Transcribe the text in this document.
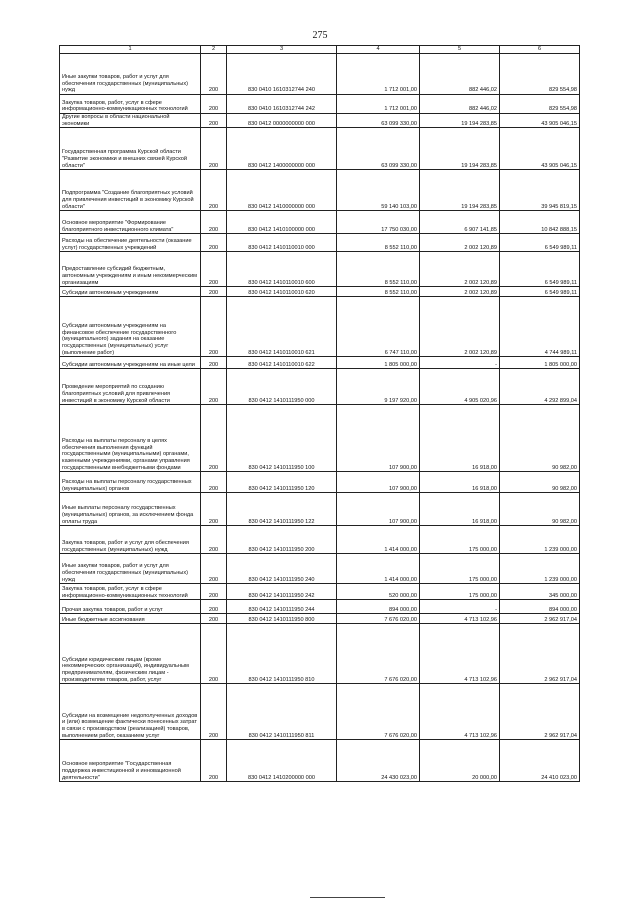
275
1	2	3	4	5	6
Иные закупки товаров, работ и услуг для обеспечения государственных (муниципальных) нужд	200	830 0410 1610312744 240	1 712 001,00	882 446,02	829 554,98
Закупка товаров, работ, услуг в сфере информационно-коммуникационных технологий	200	830 0410 1610312744 242	1 712 001,00	882 446,02	829 554,98
Другие вопросы в области национальной экономики	200	830 0412 0000000000 000	63 099 330,00	19 194 283,85	43 905 046,15
Государственная программа Курской области "Развитие экономики и внешних связей Курской области"	200	830 0412 1400000000 000	63 099 330,00	19 194 283,85	43 905 046,15
Подпрограмма "Создание благоприятных условий для привлечения инвестиций в экономику Курской области"	200	830 0412 1410000000 000	59 140 103,00	19 194 283,85	39 945 819,15
Основное мероприятие "Формирование благоприятного инвестиционного климата"	200	830 0412 1410100000 000	17 750 030,00	6 907 141,85	10 842 888,15
Расходы на обеспечение деятельности (оказание услуг) государственных учреждений	200	830 0412 1410110010 000	8 552 110,00	2 002 120,89	6 549 989,11
Предоставление субсидий бюджетным, автономным учреждениям и иным некоммерческим организациям	200	830 0412 1410110010 600	8 552 110,00	2 002 120,89	6 549 989,11
Субсидии автономным учреждениям	200	830 0412 1410110010 620	8 552 110,00	2 002 120,89	6 549 989,11
Субсидии автономным учреждениям на финансовое обеспечение государственного (муниципального) задания на оказание государственных (муниципальных) услуг (выполнение работ)	200	830 0412 1410110010 621	6 747 110,00	2 002 120,89	4 744 989,11
Субсидии автономным учреждениям на иные цели	200	830 0412 1410110010 622	1 805 000,00	-	1 805 000,00
Проведение мероприятий по созданию благоприятных условий для привлечения инвестиций в экономику Курской области	200	830 0412 1410111950 000	9 197 920,00	4 905 020,96	4 292 899,04
Расходы на выплаты персоналу в целях обеспечения выполнения функций государственными (муниципальными) органами, казенными учреждениями, органами управления государственными внебюджетными фондами	200	830 0412 1410111950 100	107 900,00	16 918,00	90 982,00
Расходы на выплаты персоналу государственных (муниципальных) органов	200	830 0412 1410111950 120	107 900,00	16 918,00	90 982,00
Иные выплаты персоналу государственных (муниципальных) органов, за исключением фонда оплаты труда	200	830 0412 1410111950 122	107 900,00	16 918,00	90 982,00
Закупка товаров, работ и услуг для обеспечения государственных (муниципальных) нужд	200	830 0412 1410111950 200	1 414 000,00	175 000,00	1 239 000,00
Иные закупки товаров, работ и услуг для обеспечения государственных (муниципальных) нужд	200	830 0412 1410111950 240	1 414 000,00	175 000,00	1 239 000,00
Закупка товаров, работ, услуг в сфере информационно-коммуникационных технологий	200	830 0412 1410111950 242	520 000,00	175 000,00	345 000,00
Прочая закупка товаров, работ и услуг	200	830 0412 1410111950 244	894 000,00	-	894 000,00
Иные бюджетные ассигнования	200	830 0412 1410111950 800	7 676 020,00	4 713 102,96	2 962 917,04
Субсидии юридическим лицам (кроме некоммерческих организаций), индивидуальным предпринимателям, физическим лицам - производителям товаров, работ, услуг	200	830 0412 1410111950 810	7 676 020,00	4 713 102,96	2 962 917,04
Субсидии на возмещение недополученных доходов и (или) возмещение фактически понесенных затрат в связи с производством (реализацией) товаров, выполнением работ, оказанием услуг	200	830 0412 1410111950 811	7 676 020,00	4 713 102,96	2 962 917,04
Основное мероприятие "Государственная поддержка инвестиционной и инновационной деятельности"	200	830 0412 1410200000 000	24 430 023,00	20 000,00	24 410 023,00
